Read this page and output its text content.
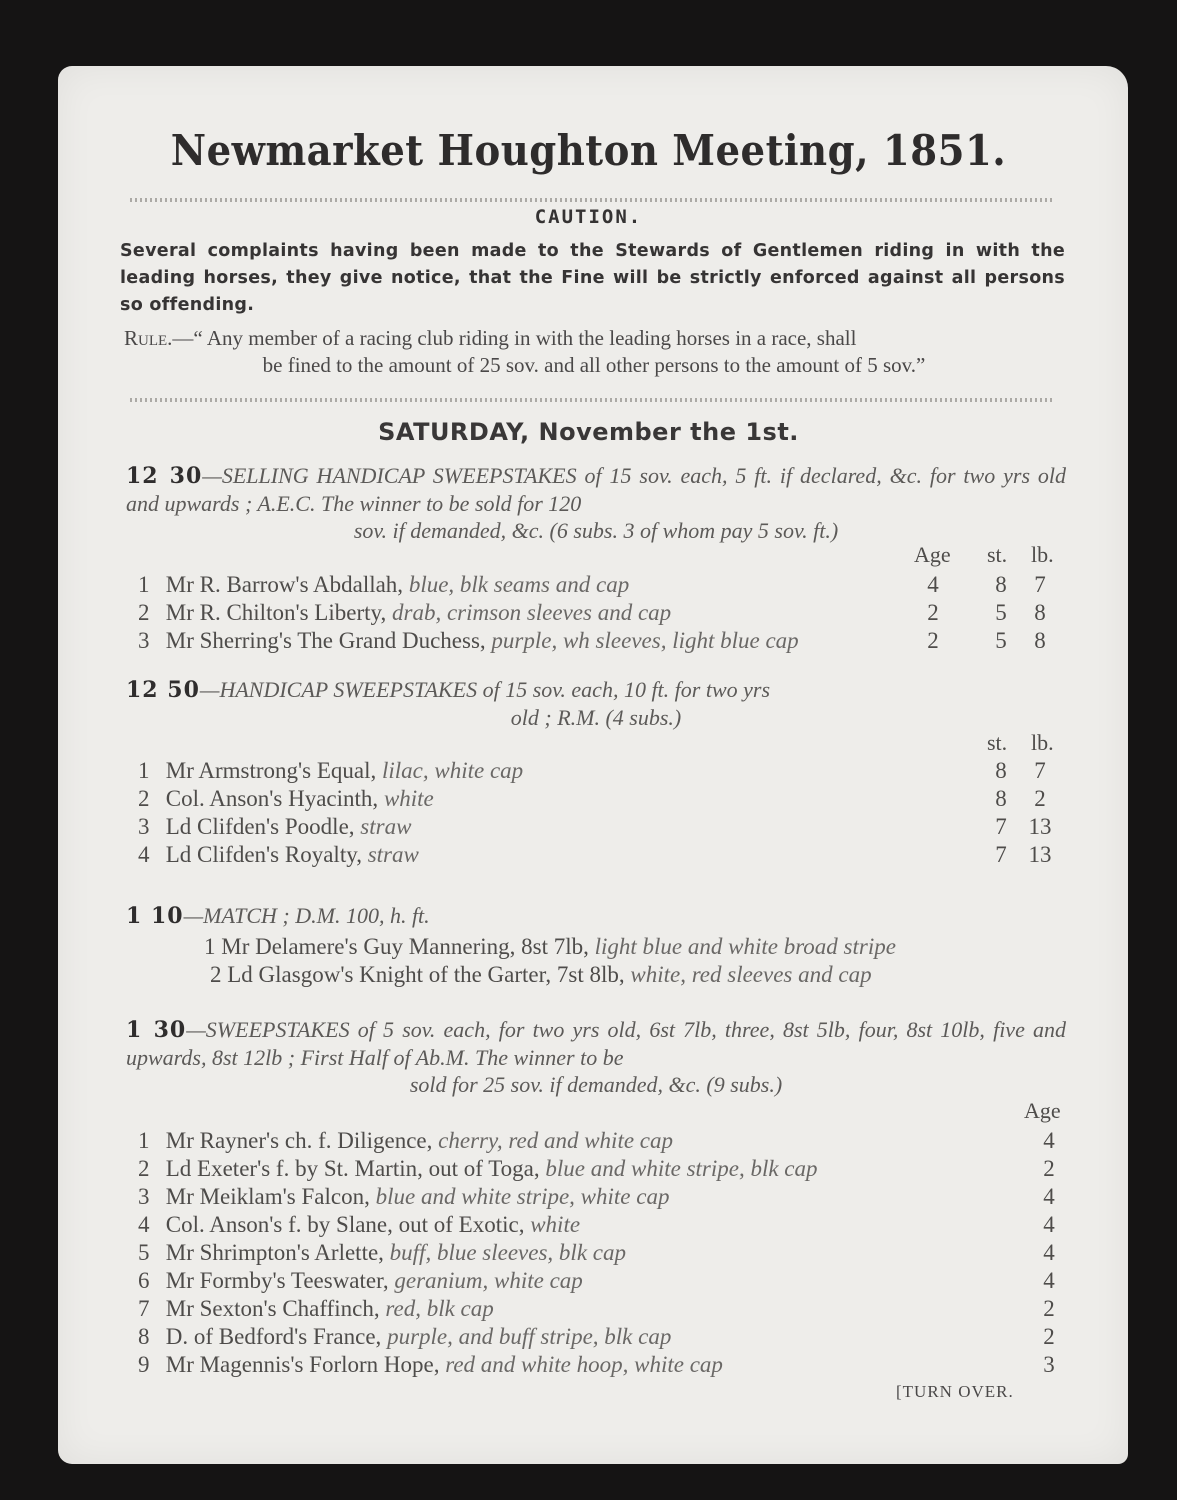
Newmarket Houghton Meeting, 1851.
CAUTION.
Several complaints having been made to the Stewards of Gentlemen riding in with the leading horses, they give notice, that the Fine will be strictly enforced against all persons so offending.
Rule.—“ Any member of a racing club riding in with the leading horses in a race, shall
be fined to the amount of 25 sov. and all other persons to the amount of 5 sov.”
SATURDAY, November the 1st.
12 30—SELLING HANDICAP SWEEPSTAKES of 15 sov. each, 5 ft. if declared, &c. for two yrs old and upwards ; A.E.C. The winner to be sold for 120
sov. if demanded, &c. (6 subs. 3 of whom pay 5 sov. ft.)
Age st. lb.
1 Mr R. Barrow's Abdallah, blue, blk seams and cap	4	8	7
2 Mr R. Chilton's Liberty, drab, crimson sleeves and cap	2	5	8
3 Mr Sherring's The Grand Duchess, purple, wh sleeves, light blue cap	2	5	8
12 50—HANDICAP SWEEPSTAKES of 15 sov. each, 10 ft. for two yrs
old ; R.M. (4 subs.)
st. lb.
1 Mr Armstrong's Equal, lilac, white cap	8	7
2 Col. Anson's Hyacinth, white	8	2
3 Ld Clifden's Poodle, straw	7 13
4 Ld Clifden's Royalty, straw	7 13
1 10—MATCH ; D.M. 100, h. ft.
1 Mr Delamere's Guy Mannering, 8st 7lb, light blue and white broad stripe
2 Ld Glasgow's Knight of the Garter, 7st 8lb, white, red sleeves and cap
1 30—SWEEPSTAKES of 5 sov. each, for two yrs old, 6st 7lb, three, 8st 5lb, four, 8st 10lb, five and upwards, 8st 12lb ; First Half of Ab.M. The winner to be
sold for 25 sov. if demanded, &c. (9 subs.)
Age
1 Mr Rayner's ch. f. Diligence, cherry, red and white cap	4
2 Ld Exeter's f. by St. Martin, out of Toga, blue and white stripe, blk cap	2
3 Mr Meiklam's Falcon, blue and white stripe, white cap	4
4 Col. Anson's f. by Slane, out of Exotic, white	4
5 Mr Shrimpton's Arlette, buff, blue sleeves, blk cap	4
6 Mr Formby's Teeswater, geranium, white cap	4
7 Mr Sexton's Chaffinch, red, blk cap	2
8 D. of Bedford's France, purple, and buff stripe, blk cap	2
9 Mr Magennis's Forlorn Hope, red and white hoop, white cap	3
[TURN OVER.
